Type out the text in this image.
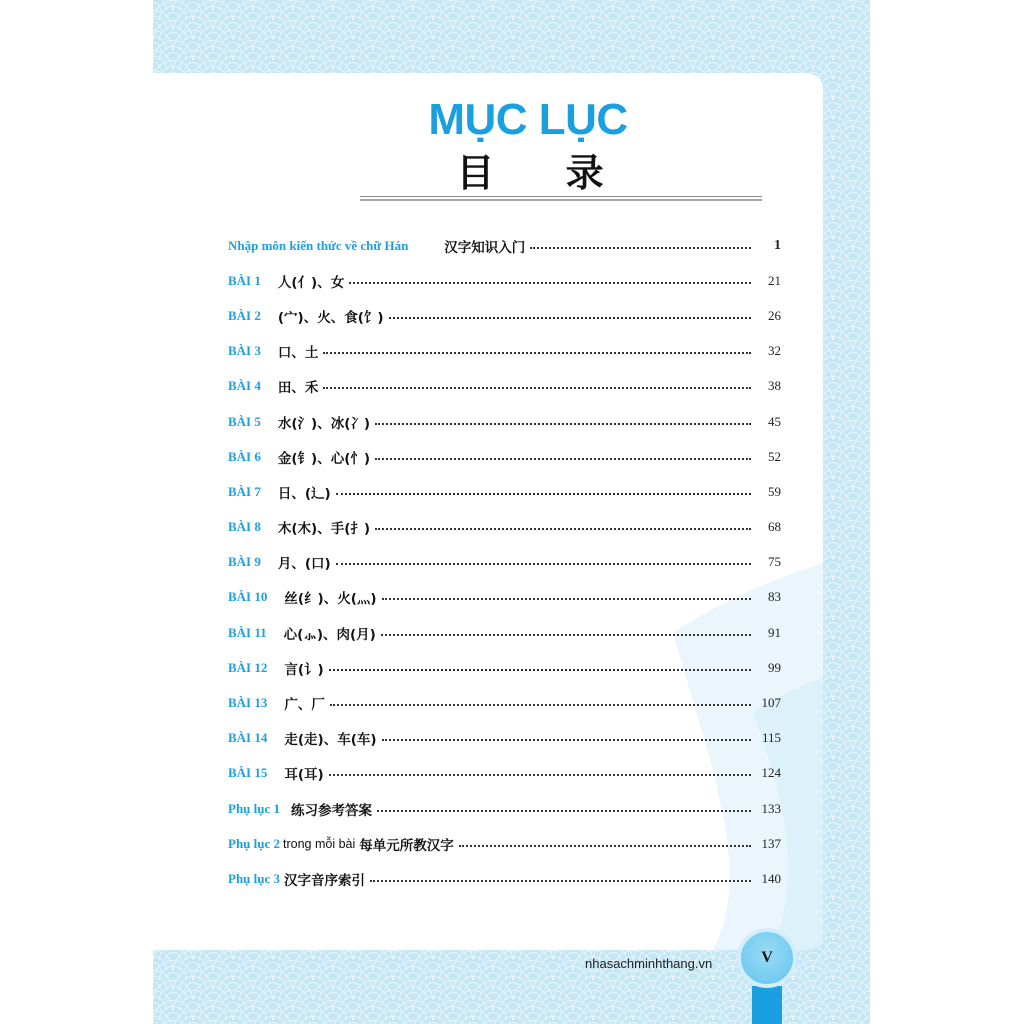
MỤC LỤC
目 录
Nhập môn kiến thức về chữ Hán	汉字知识入门	1
BÀI 1 人(亻)、女	21
BÀI 2 (宀)、火、食(饣)	26
BÀI 3 口、土	32
BÀI 4 田、禾	38
BÀI 5 水(氵)、冰(冫)	45
BÀI 6 金(钅)、心(忄)	52
BÀI 7 日、(辶)	59
BÀI 8 木(木)、手(扌)	68
BÀI 9 月、(口)	75
BÀI 10 丝(纟)、火(灬)	83
BÀI 11 心(⺗)、肉(月)	91
BÀI 12 言(讠)	99
BÀI 13 广、厂	107
BÀI 14 走(走)、车(车)	115
BÀI 15 耳(耳)	124
Phụ lục 1 练习参考答案	133
Phụ lục 2 trong mỗi bài 每单元所教汉字	137
Phụ lục 3 汉字音序索引	140
nhasachminhthang.vn	V
